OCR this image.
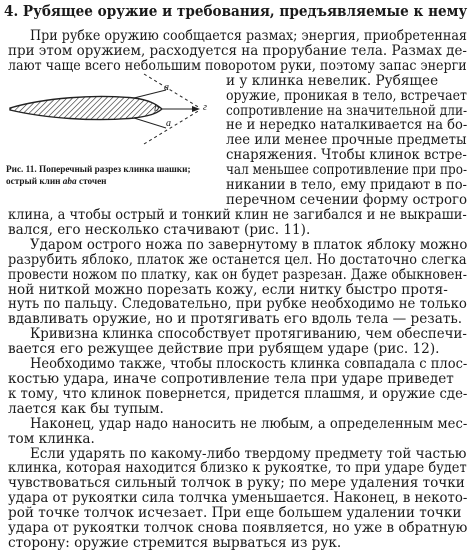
4. Рубящее оружие и требования, предъявляемые к нему
a
b
a
г
Рис. 11. Поперечный разрез клинка шашки; острый клин aba сточен
При рубке оружию сообщается размах; энергия, приобретенная
при этом оружием, расходуется на прорубание тела. Размах де-
лают чаще всего небольшим поворотом руки, поэтому запас энерги
и у клинка невелик. Рубящее
оружие, проникая в тело, встречает
сопротивление на значительной дли-
не и нередко наталкивается на бо-
лее или менее прочные предметы
снаряжения. Чтобы клинок встре-
чал меньшее сопротивление при про-
никании в тело, ему придают в по-
перечном сечении форму острого
клина, а чтобы острый и тонкий клин не загибался и не выкраши-
вался, его несколько стачивают (рис. 11).
Ударом острого ножа по завернутому в платок яблоку можно
разрубить яблоко, платок же останется цел. Но достаточно слегка
провести ножом по платку, как он будет разрезан. Даже обыкновен-
ной ниткой можно порезать кожу, если нитку быстро протя-
нуть по пальцу. Следовательно, при рубке необходимо не только
вдавливать оружие, но и протягивать его вдоль тела — резать.
Кривизна клинка способствует протягиванию, чем обеспечи-
вается его режущее действие при рубящем ударе (рис. 12).
Необходимо также, чтобы плоскость клинка совпадала с плос-
костью удара, иначе сопротивление тела при ударе приведет
к тому, что клинок повернется, придется плашмя, и оружие сде-
лается как бы тупым.
Наконец, удар надо наносить не любым, а определенным мес-
том клинка.
Если ударять по какому-либо твердому предмету той частью
клинка, которая находится близко к рукоятке, то при ударе будет
чувствоваться сильный толчок в руку; по мере удаления точки
удара от рукоятки сила толчка уменьшается. Наконец, в некото-
рой точке толчок исчезает. При еще большем удалении точки
удара от рукоятки толчок снова появляется, но уже в обратную
сторону: оружие стремится вырваться из рук.
